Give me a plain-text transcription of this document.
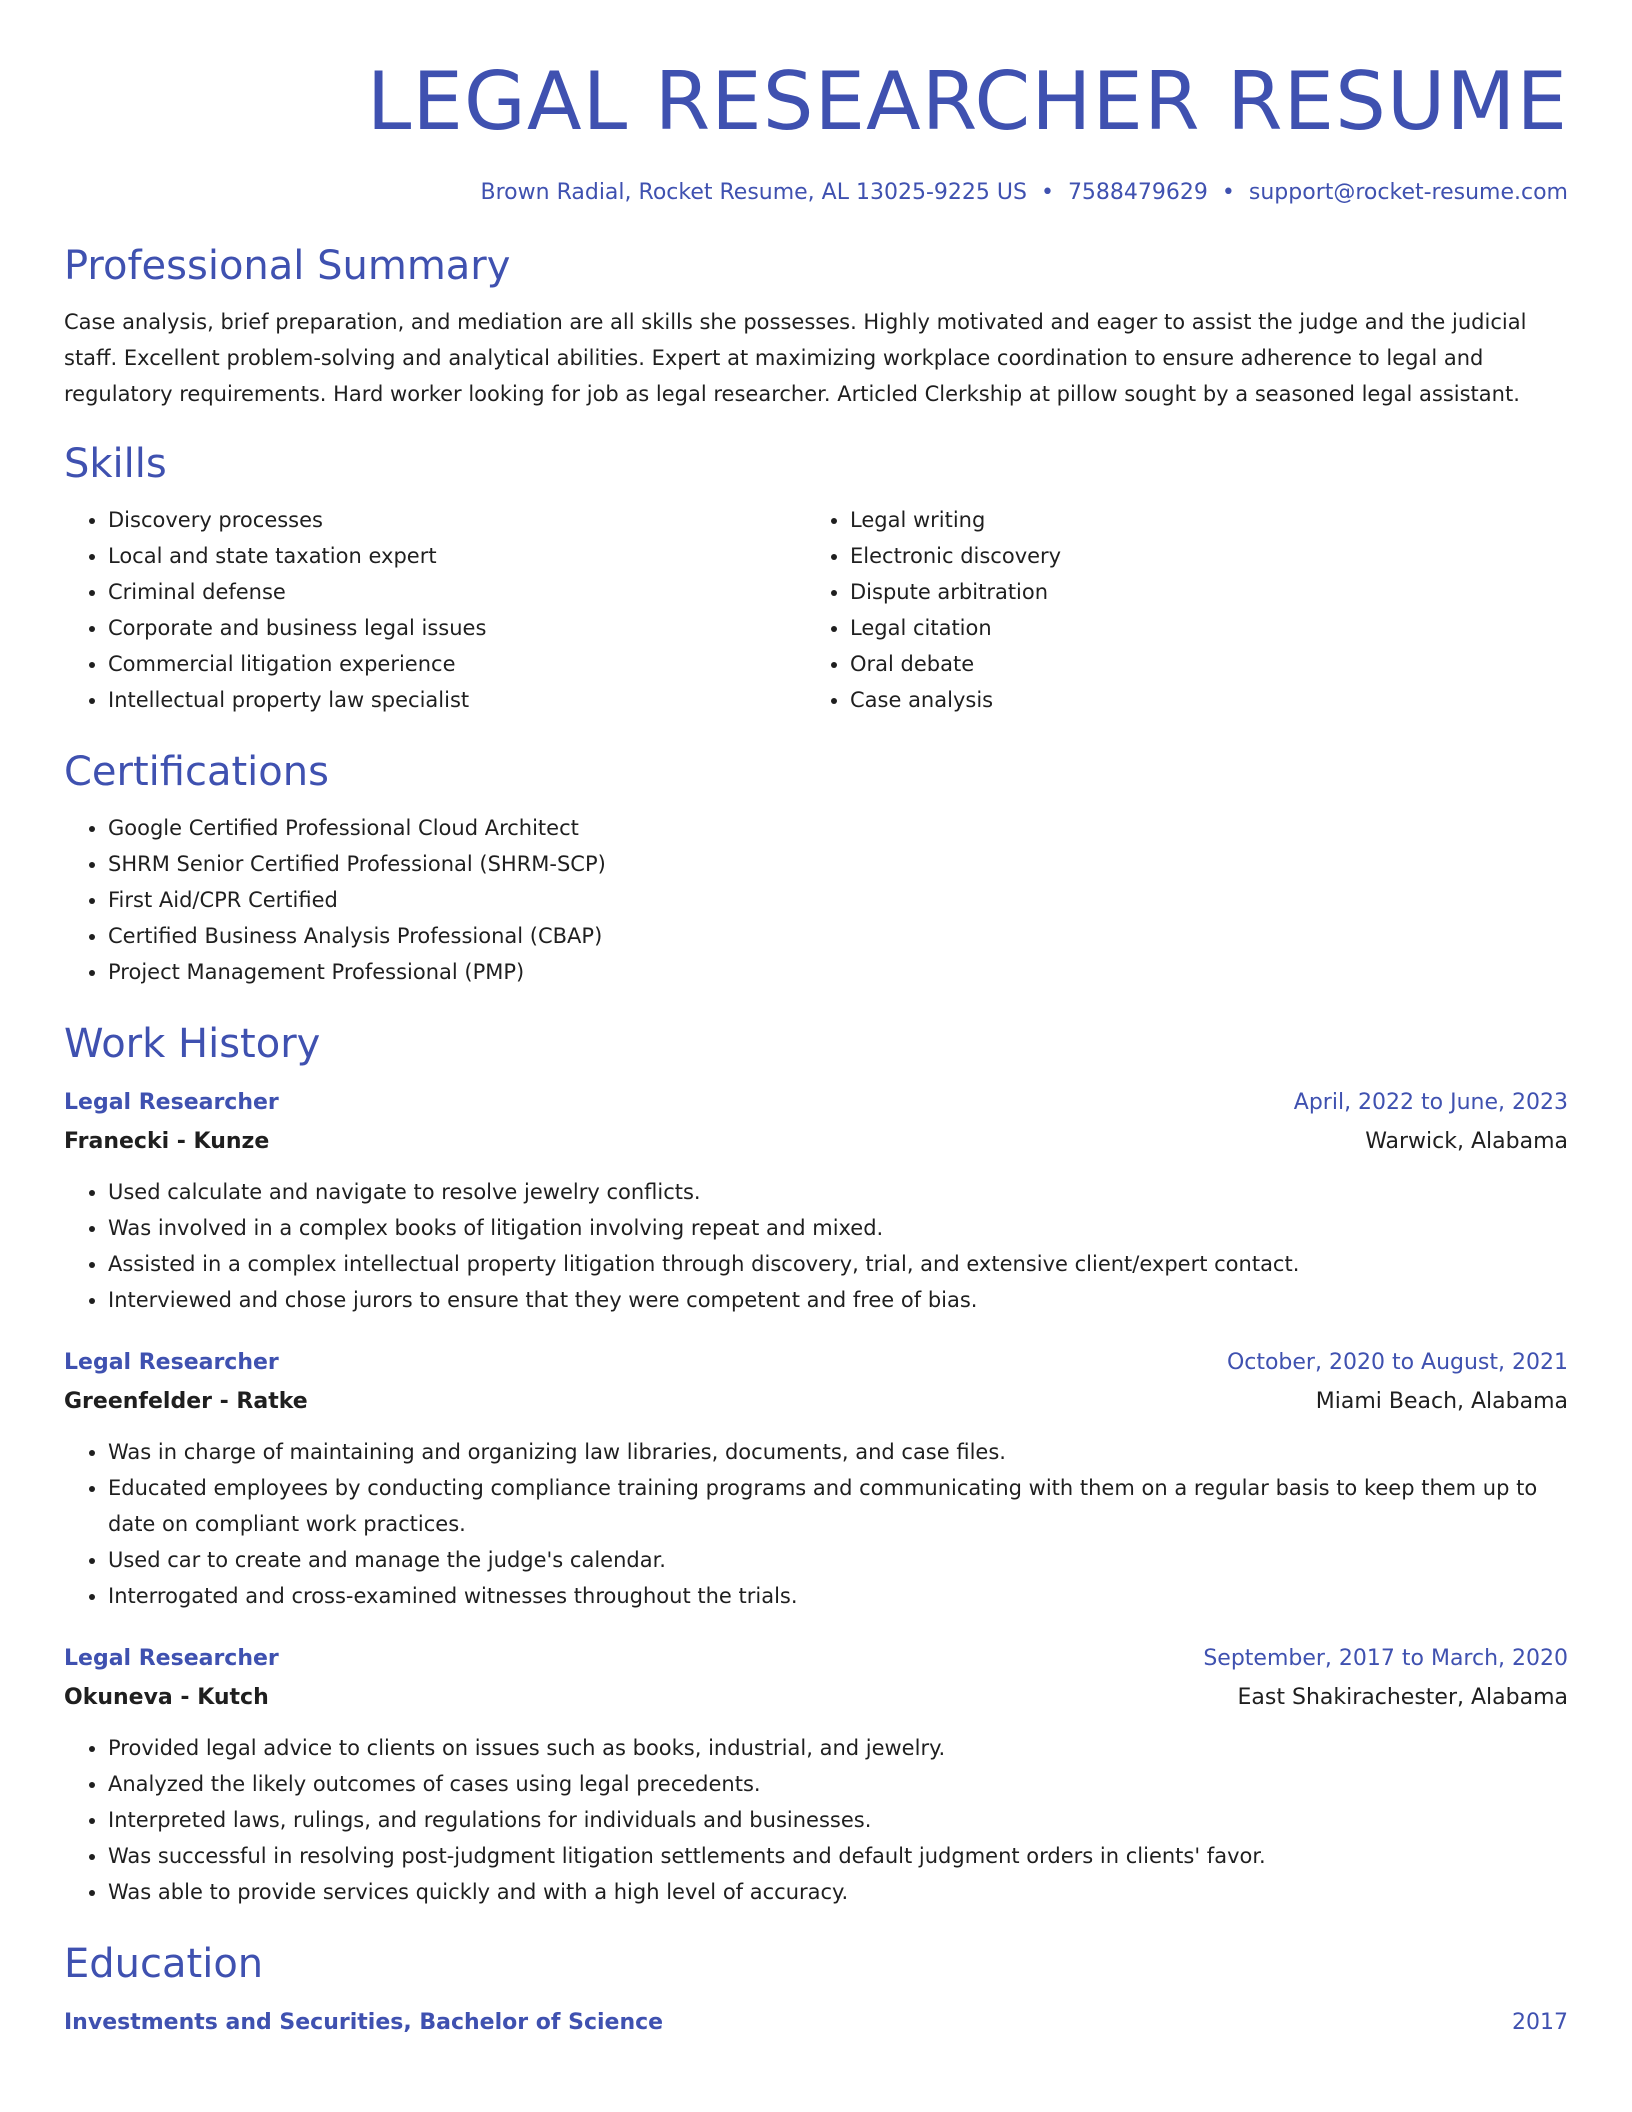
LEGAL RESEARCHER RESUME
Brown Radial, Rocket Resume, AL 13025-9225 US • 7588479629 • support@rocket-resume.com
Professional Summary

Case analysis, brief preparation, and mediation are all skills she possesses. Highly motivated and eager to assist the judge and the judicial staff. Excellent problem-solving and analytical abilities. Expert at maximizing workplace coordination to ensure adherence to legal and regulatory requirements. Hard worker looking for job as legal researcher. Articled Clerkship at pillow sought by a seasoned legal assistant.

Skills
• Discovery processes
• Local and state taxation expert
• Criminal defense
• Corporate and business legal issues
• Commercial litigation experience
• Intellectual property law specialist
• Legal writing
• Electronic discovery
• Dispute arbitration
• Legal citation
• Oral debate
• Case analysis
Certifications
• Google Certified Professional Cloud Architect
• SHRM Senior Certified Professional (SHRM-SCP)
• First Aid/CPR Certified
• Certified Business Analysis Professional (CBAP)
• Project Management Professional (PMP)
Work History
Legal Researcher	April, 2022 to June, 2023
Franecki - Kunze	Warwick, Alabama
• Used calculate and navigate to resolve jewelry conflicts.
• Was involved in a complex books of litigation involving repeat and mixed.
• Assisted in a complex intellectual property litigation through discovery, trial, and extensive client/expert contact.
• Interviewed and chose jurors to ensure that they were competent and free of bias.
Legal Researcher	October, 2020 to August, 2021
Greenfelder - Ratke	Miami Beach, Alabama
• Was in charge of maintaining and organizing law libraries, documents, and case files.
• Educated employees by conducting compliance training programs and communicating with them on a regular basis to keep them up to date on compliant work practices.
• Used car to create and manage the judge's calendar.
• Interrogated and cross-examined witnesses throughout the trials.
Legal Researcher	September, 2017 to March, 2020
Okuneva - Kutch	East Shakirachester, Alabama
• Provided legal advice to clients on issues such as books, industrial, and jewelry.
• Analyzed the likely outcomes of cases using legal precedents.
• Interpreted laws, rulings, and regulations for individuals and businesses.
• Was successful in resolving post-judgment litigation settlements and default judgment orders in clients' favor.
• Was able to provide services quickly and with a high level of accuracy.
Education
Investments and Securities, Bachelor of Science	2017
